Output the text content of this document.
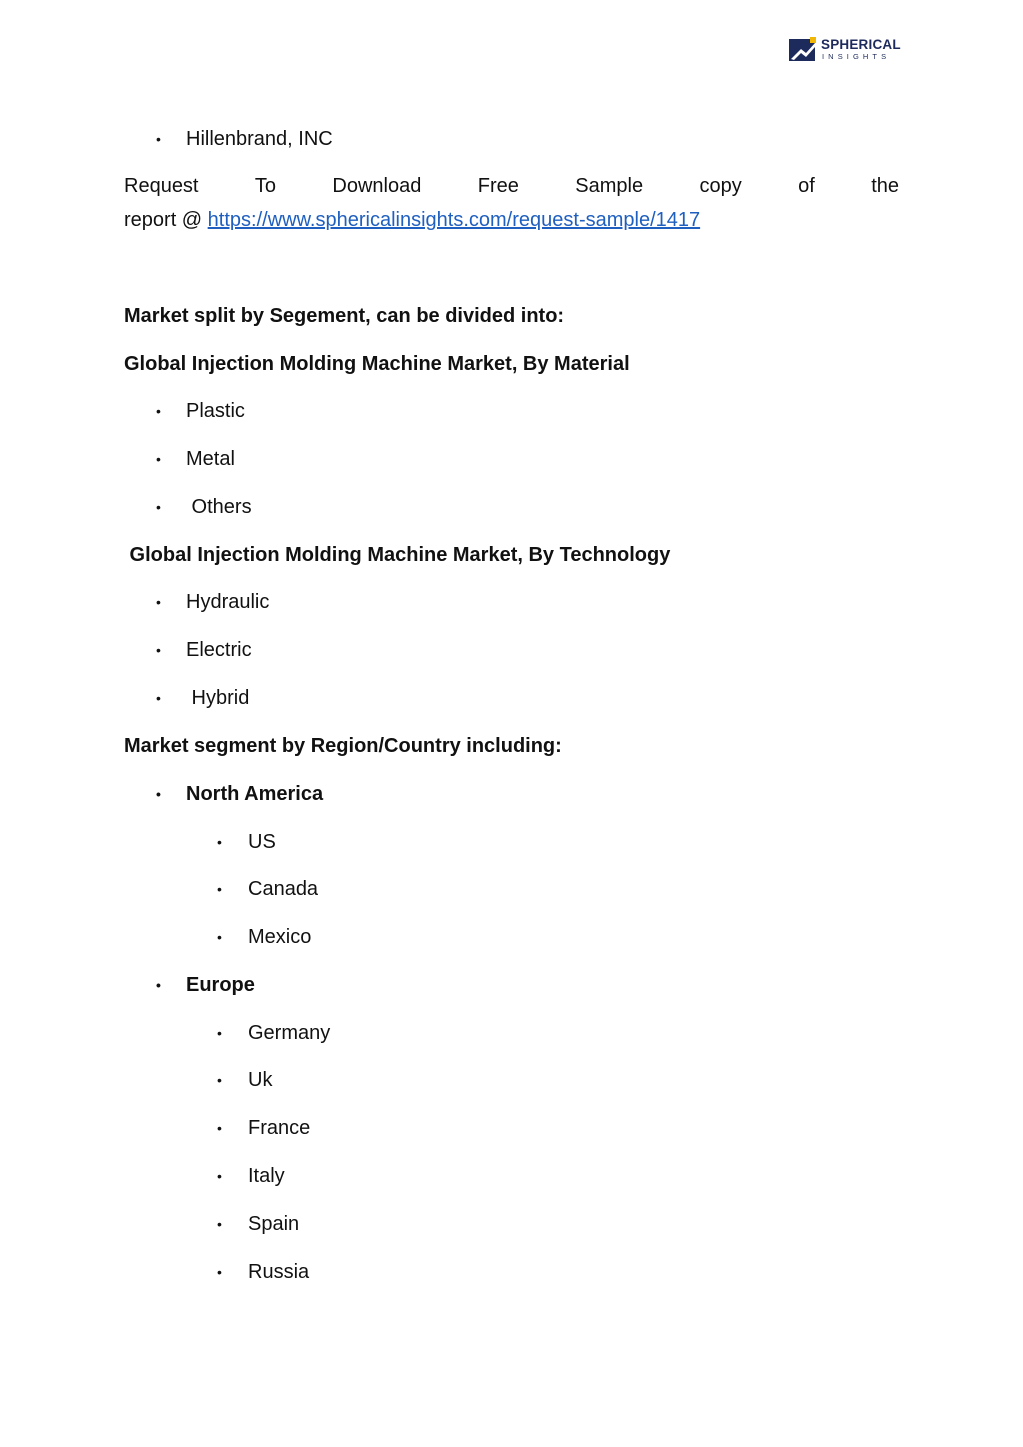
SPHERICAL
INSIGHTS
• Hillenbrand, INC
Request	To	Download	Free	Sample	copy	of	the
report @ https://www.sphericalinsights.com/request-sample/1417
Market split by Segement, can be divided into:
Global Injection Molding Machine Market, By Material
• Plastic
• Metal
•  Others
Global Injection Molding Machine Market, By Technology
• Hydraulic
• Electric
•  Hybrid
Market segment by Region/Country including:
• North America
• US
• Canada
• Mexico
• Europe
• Germany
• Uk
• France
• Italy
• Spain
• Russia
